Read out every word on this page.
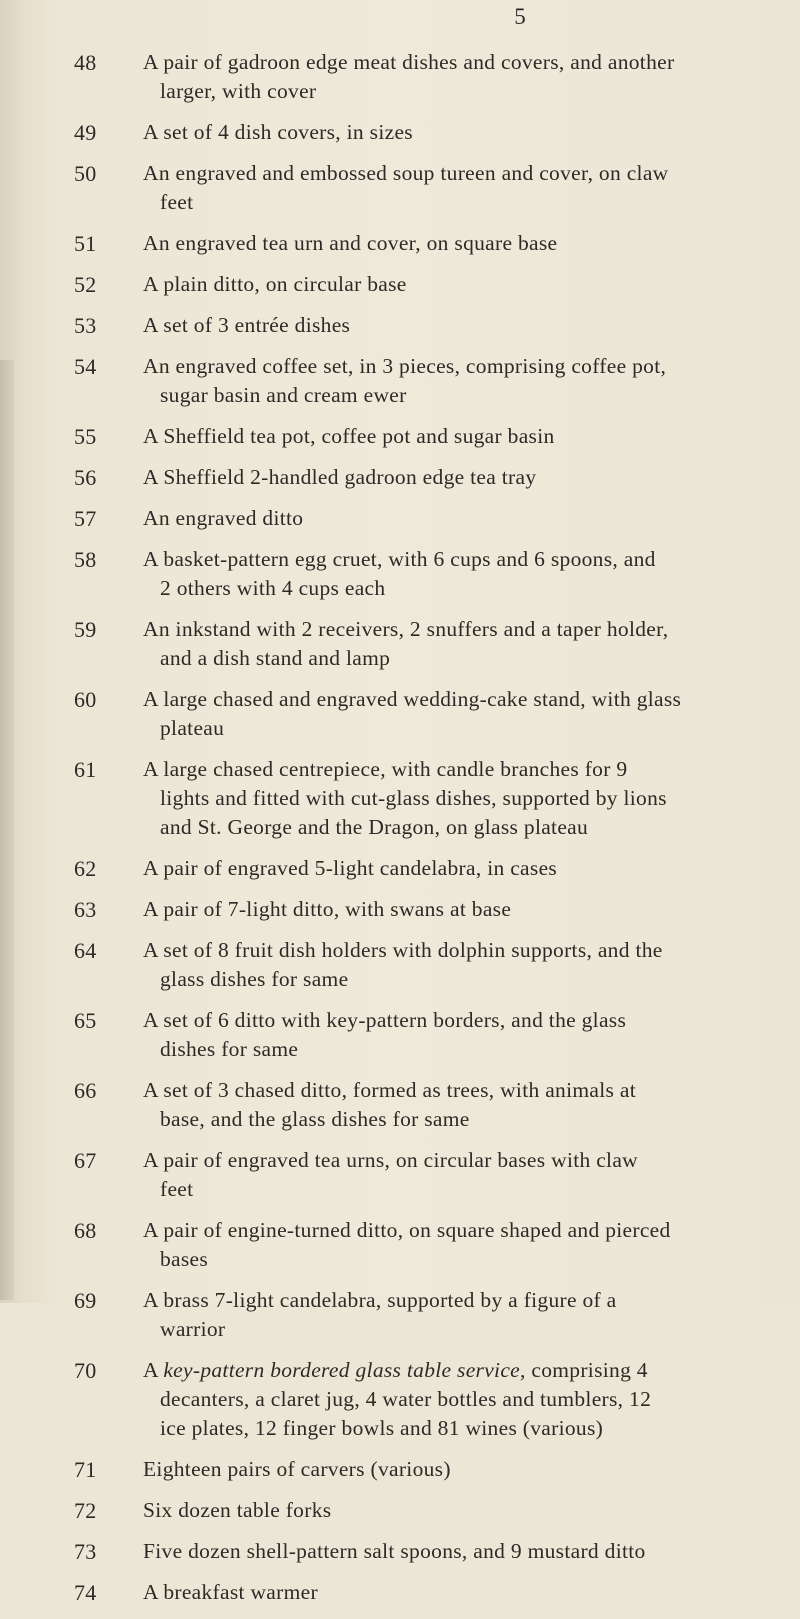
5
48	A pair of gadroon edge meat dishes and covers, and another
larger, with cover
49	A set of 4 dish covers, in sizes
50	An engraved and embossed soup tureen and cover, on claw
feet
51	An engraved tea urn and cover, on square base
52	A plain ditto, on circular base
53	A set of 3 entrée dishes
54	An engraved coffee set, in 3 pieces, comprising coffee pot,
sugar basin and cream ewer
55	A Sheffield tea pot, coffee pot and sugar basin
56	A Sheffield 2-handled gadroon edge tea tray
57	An engraved ditto
58	A basket-pattern egg cruet, with 6 cups and 6 spoons, and
2 others with 4 cups each
59	An inkstand with 2 receivers, 2 snuffers and a taper holder,
and a dish stand and lamp
60	A large chased and engraved wedding-cake stand, with glass
plateau
61	A large chased centrepiece, with candle branches for 9
lights and fitted with cut-glass dishes, supported by lions
and St. George and the Dragon, on glass plateau
62	A pair of engraved 5-light candelabra, in cases
63	A pair of 7-light ditto, with swans at base
64	A set of 8 fruit dish holders with dolphin supports, and the
glass dishes for same
65	A set of 6 ditto with key-pattern borders, and the glass
dishes for same
66	A set of 3 chased ditto, formed as trees, with animals at
base, and the glass dishes for same
67	A pair of engraved tea urns, on circular bases with claw
feet
68	A pair of engine-turned ditto, on square shaped and pierced
bases
69	A brass 7-light candelabra, supported by a figure of a
warrior
70	A key-pattern bordered glass table service, comprising 4
decanters, a claret jug, 4 water bottles and tumblers, 12
ice plates, 12 finger bowls and 81 wines (various)
71	Eighteen pairs of carvers (various)
72	Six dozen table forks
73	Five dozen shell-pattern salt spoons, and 9 mustard ditto
74	A breakfast warmer
